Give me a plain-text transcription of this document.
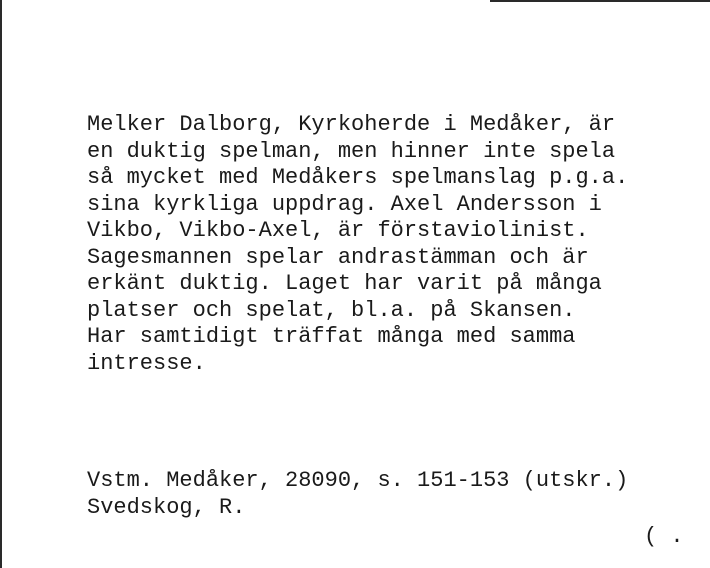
Melker Dalborg, Kyrkoherde i Medåker, är
en duktig spelman, men hinner inte spela
så mycket med Medåkers spelmanslag p.g.a.
sina kyrkliga uppdrag. Axel Andersson i
Vikbo, Vikbo-Axel, är förstaviolinist.
Sagesmannen spelar andrastämman och är
erkänt duktig. Laget har varit på många
platser och spelat, bl.a. på Skansen.
Har samtidigt träffat många med samma
intresse.
Vstm. Medåker, 28090, s. 151-153 (utskr.)
Svedskog, R.
( .
